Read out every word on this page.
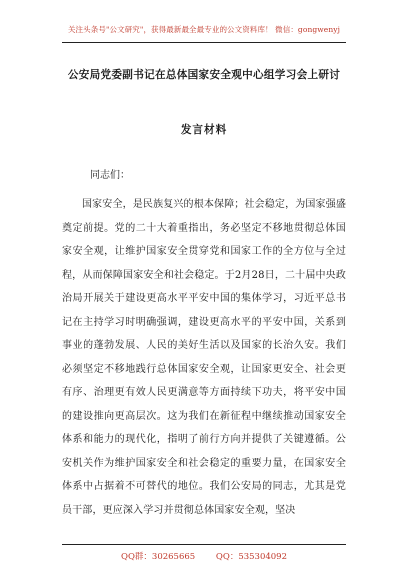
关注头条号"公文研究"，获得最新最全最专业的公文资料库！ 微信：gongwenyj
公安局党委副书记在总体国家安全观中心组学习会上研讨
发言材料
同志们：
国家安全，是民族复兴的根本保障；社会稳定，为国家强盛奠定前提。党的二十大着重指出，务必坚定不移地贯彻总体国家安全观，让维护国家安全贯穿党和国家工作的全方位与全过程，从而保障国家安全和社会稳定。于2月28日，二十届中央政治局开展关于建设更高水平平安中国的集体学习，习近平总书记在主持学习时明确强调，建设更高水平的平安中国，关系到事业的蓬勃发展、人民的美好生活以及国家的长治久安。我们必须坚定不移地践行总体国家安全观，让国家更安全、社会更有序、治理更有效人民更满意等方面持续下功夫，将平安中国的建设推向更高层次。这为我们在新征程中继续推动国家安全体系和能力的现代化，指明了前行方向并提供了关键遵循。公安机关作为维护国家安全和社会稳定的重要力量，在国家安全体系中占据着不可替代的地位。我们公安局的同志，尤其是党员干部，更应深入学习并贯彻总体国家安全观，坚决
QQ群：30265665 QQ：535304092
